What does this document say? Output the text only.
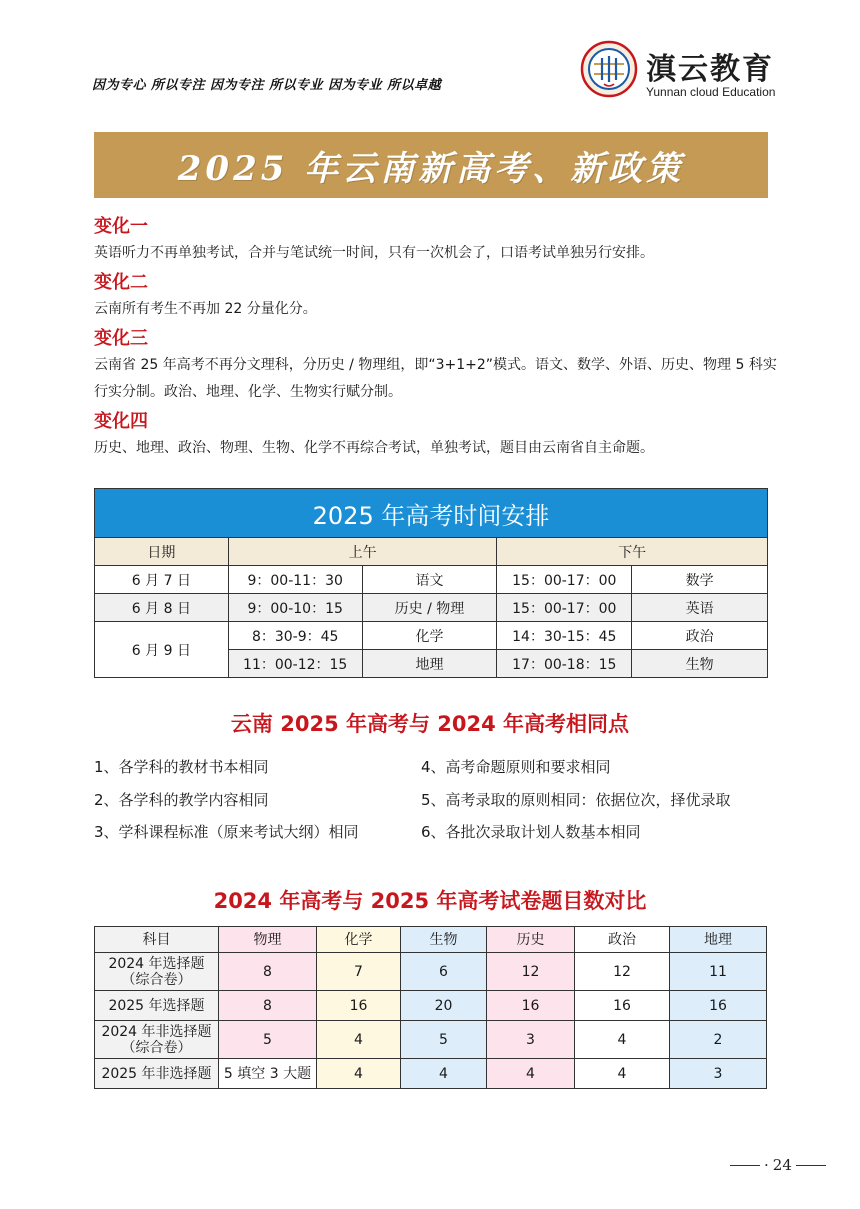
因为专心 所以专注 因为专注 所以专业 因为专业 所以卓越	滇云教育
Yunnan cloud Education
2025 年云南新高考、新政策
变化一
英语听力不再单独考试，合并与笔试统一时间，只有一次机会了，口语考试单独另行安排。
变化二
云南所有考生不再加 22 分量化分。
变化三
云南省 25 年高考不再分文理科，分历史 / 物理组，即“3+1+2”模式。语文、数学、外语、历史、物理 5 科实行实分制。政治、地理、化学、生物实行赋分制。
变化四
历史、地理、政治、物理、生物、化学不再综合考试，单独考试，题目由云南省自主命题。
2025 年高考时间安排				
日期	上午		下午	
6 月 7 日	9：00-11：30	语文	15：00-17：00	数学
6 月 8 日	9：00-10：15	历史 / 物理	15：00-17：00	英语
6 月 9 日	8：30-9：45	化学	14：30-15：45	政治
	11：00-12：15	地理	17：00-18：15	生物
云南 2025 年高考与 2024 年高考相同点
1、各学科的教材书本相同
2、各学科的教学内容相同
3、学科课程标准（原来考试大纲）相同
4、高考命题原则和要求相同
5、高考录取的原则相同：依据位次，择优录取
6、各批次录取计划人数基本相同
2024 年高考与 2025 年高考试卷题目数对比
科目	物理	化学	生物	历史	政治	地理

2024 年选择题
（综合卷）	8	7	6	12	12	11

2025 年选择题	8	16	20	16	16	16

2024 年非选择题
（综合卷）	5	4	5	3	4	2

2025 年非选择题	5 填空 3 大题	4	4	4	4	3
· 24
